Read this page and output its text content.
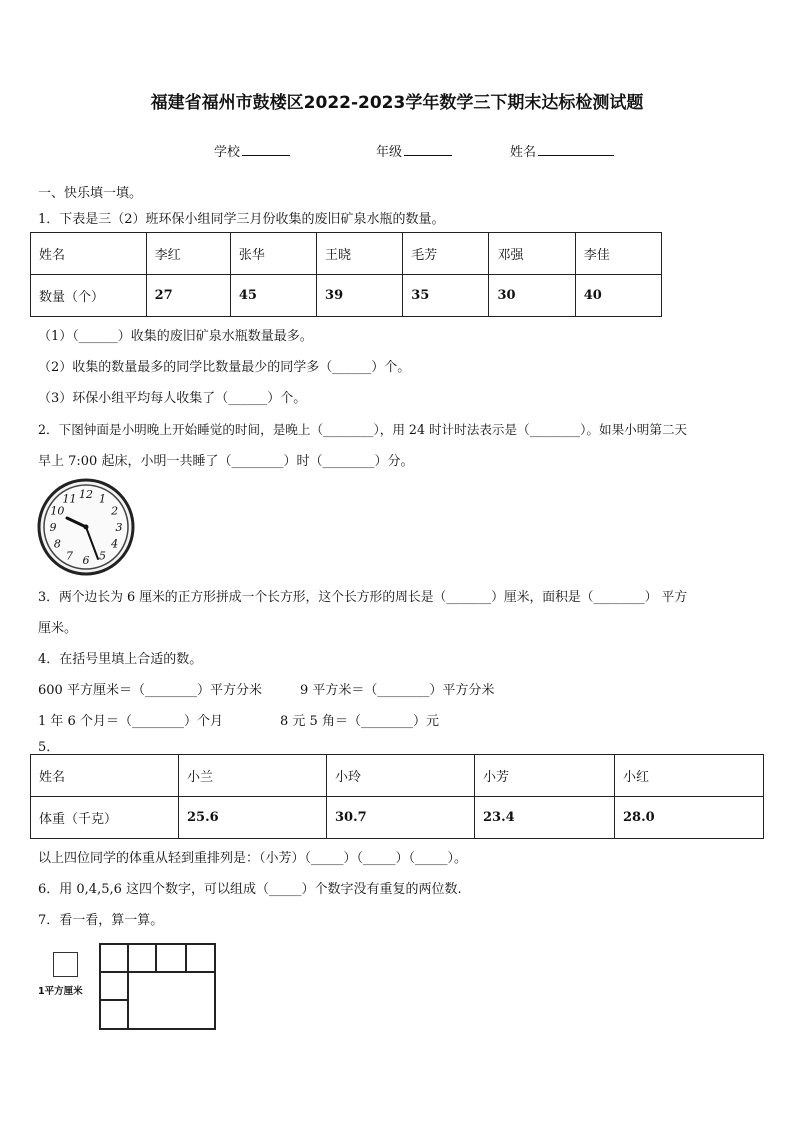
福建省福州市鼓楼区2022-2023学年数学三下期末达标检测试题
学校	年级	姓名
一、快乐填一填。
1．下表是三（2）班环保小组同学三月份收集的废旧矿泉水瓶的数量。
姓名	李红	张华	王晓	毛芳	邓强	李佳
数量（个）	27	45	39	35	30	40
（1）（______）收集的废旧矿泉水瓶数量最多。
（2）收集的数量最多的同学比数量最少的同学多（______）个。
（3）环保小组平均每人收集了（______）个。
2．下图钟面是小明晚上开始睡觉的时间，是晚上（________），用 24 时计时法表示是（________）。如果小明第二天
早上 7:00 起床，小明一共睡了（________）时（________）分。
12 1
2
3
4
5
6
7
8
9
10
11
3．两个边长为 6 厘米的正方形拼成一个长方形，这个长方形的周长是（_______）厘米，面积是（________） 平方
厘米。
4．在括号里填上合适的数。
600 平方厘米＝（________）平方分米	9 平方米＝（________）平方分米
1 年 6 个月＝（________）个月	8 元 5 角＝（________）元
5．
姓名	小兰	小玲	小芳	小红
体重（千克）	25.6	30.7	23.4	28.0
以上四位同学的体重从轻到重排列是：（小芳）（_____）（_____）（_____）。
6．用 0,4,5,6 这四个数字，可以组成（_____）个数字没有重复的两位数.
7．看一看，算一算。
1平方厘米
